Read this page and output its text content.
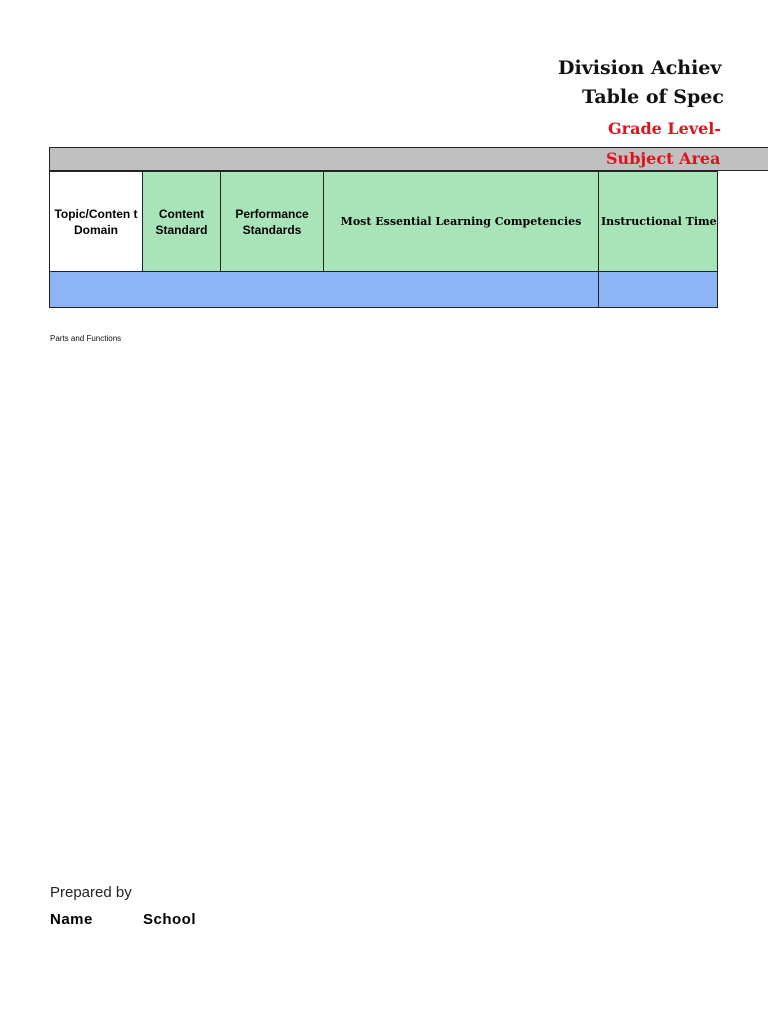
Division Achiev
Table of Spec
Grade Level-
Subject Area
Topic/Conten t Domain	Content Standard	Performance Standards	Most Essential Learning Competencies	Instructional Time

Parts and Functions
Prepared by
Name	School
